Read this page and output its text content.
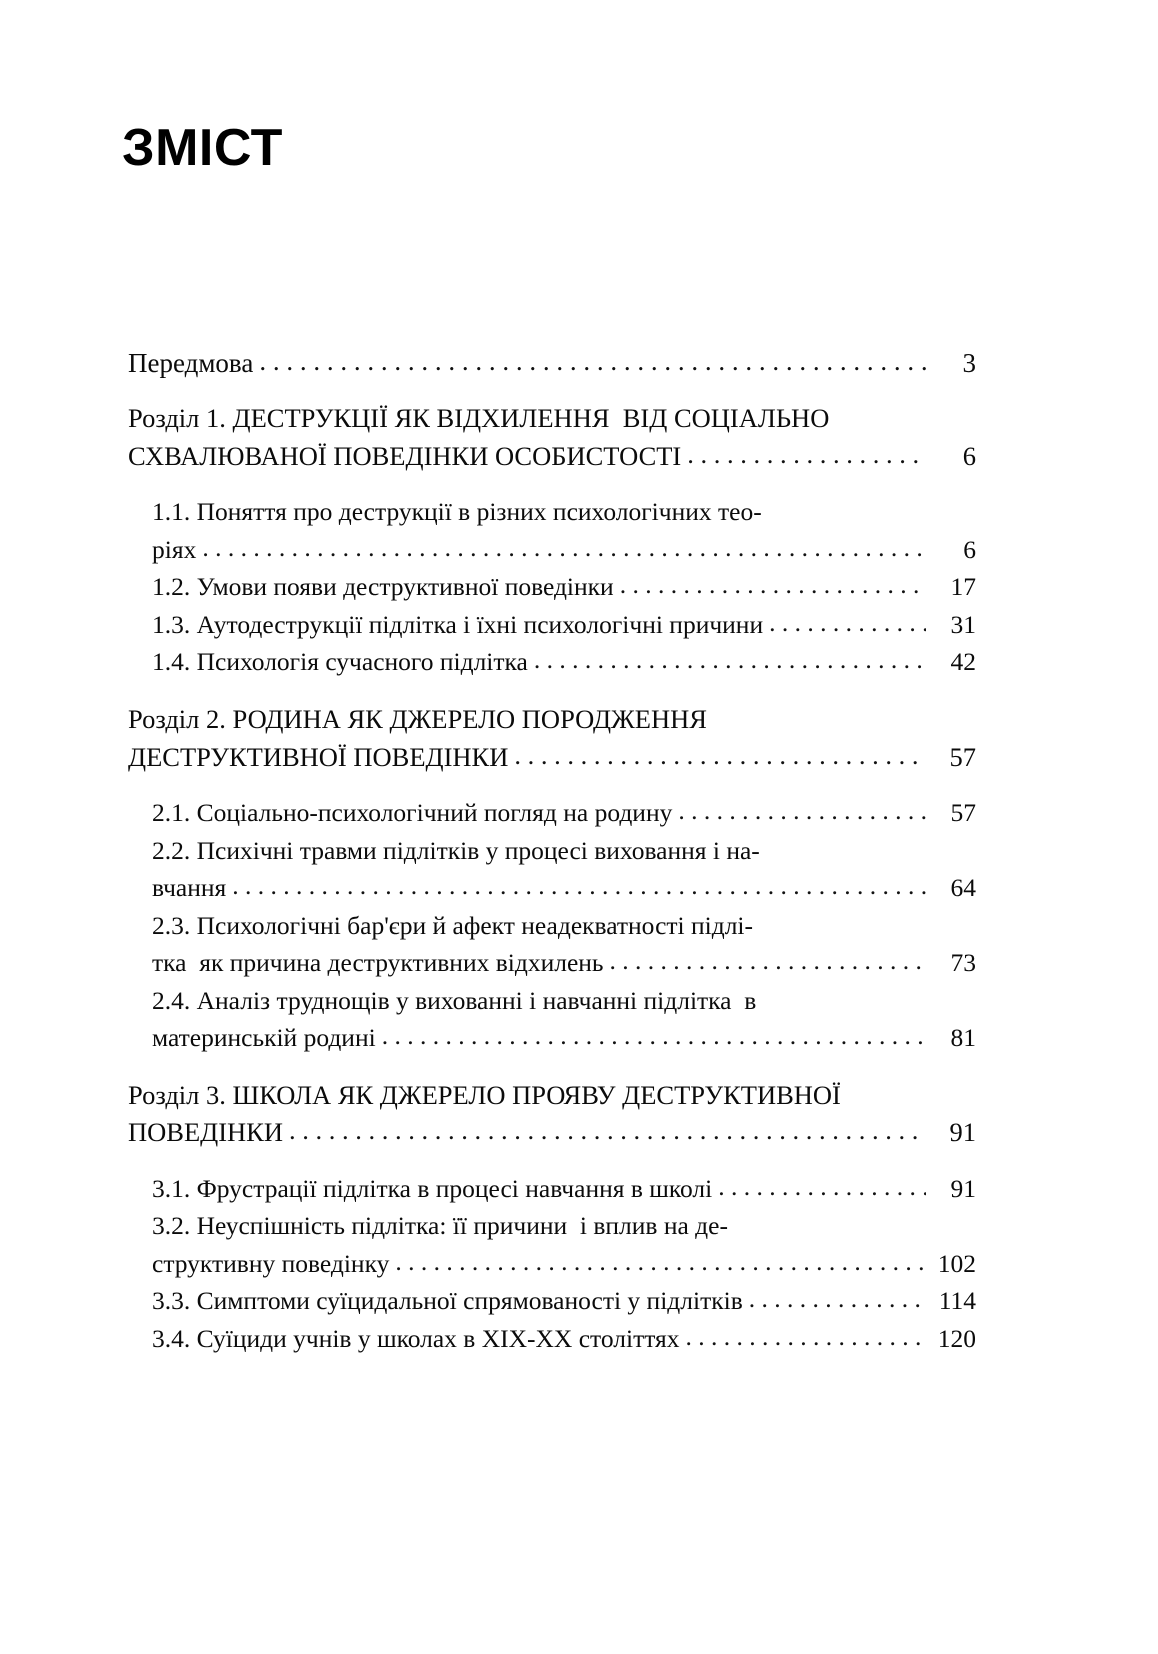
ЗМІСТ
Передмова . . .	3
Розділ 1. ДЕСТРУКЦІЇ ЯК ВІДХИЛЕННЯ  ВІД СОЦІАЛЬНО
СХВАЛЮВАНОЇ ПОВЕДІНКИ ОСОБИСТОСТІ . . .	6
1.1. Поняття про деструкції в різних психологічних тео-
ріях . . .	6
1.2. Умови появи деструктивної поведінки . . .	17
1.3. Аутодеструкції підлітка і їхні психологічні причини . . .	31
1.4. Психологія сучасного підлітка . . .	42
Розділ 2. РОДИНА ЯК ДЖЕРЕЛО ПОРОДЖЕННЯ
ДЕСТРУКТИВНОЇ ПОВЕДІНКИ . . .	57
2.1. Соціально-психологічний погляд на родину . . .	57
2.2. Психічні травми підлітків у процесі виховання і на-
вчання . . .	64
2.3. Психологічні бар'єри й афект неадекватності підлі-
тка  як причина деструктивних відхилень . . .	73
2.4. Аналіз труднощів у вихованні і навчанні підлітка  в
материнській родині . . .	81
Розділ 3. ШКОЛА ЯК ДЖЕРЕЛО ПРОЯВУ ДЕСТРУКТИВНОЇ
ПОВЕДІНКИ . . .	91
3.1. Фрустрації підлітка в процесі навчання в школі . . .	91
3.2. Неуспішність підлітка: її причини  і вплив на де-
структивну поведінку . . .	102
3.3. Симптоми суїцидальної спрямованості у підлітків . . .	114
3.4. Суїциди учнів у школах в XIX-XX століттях . . .	120
